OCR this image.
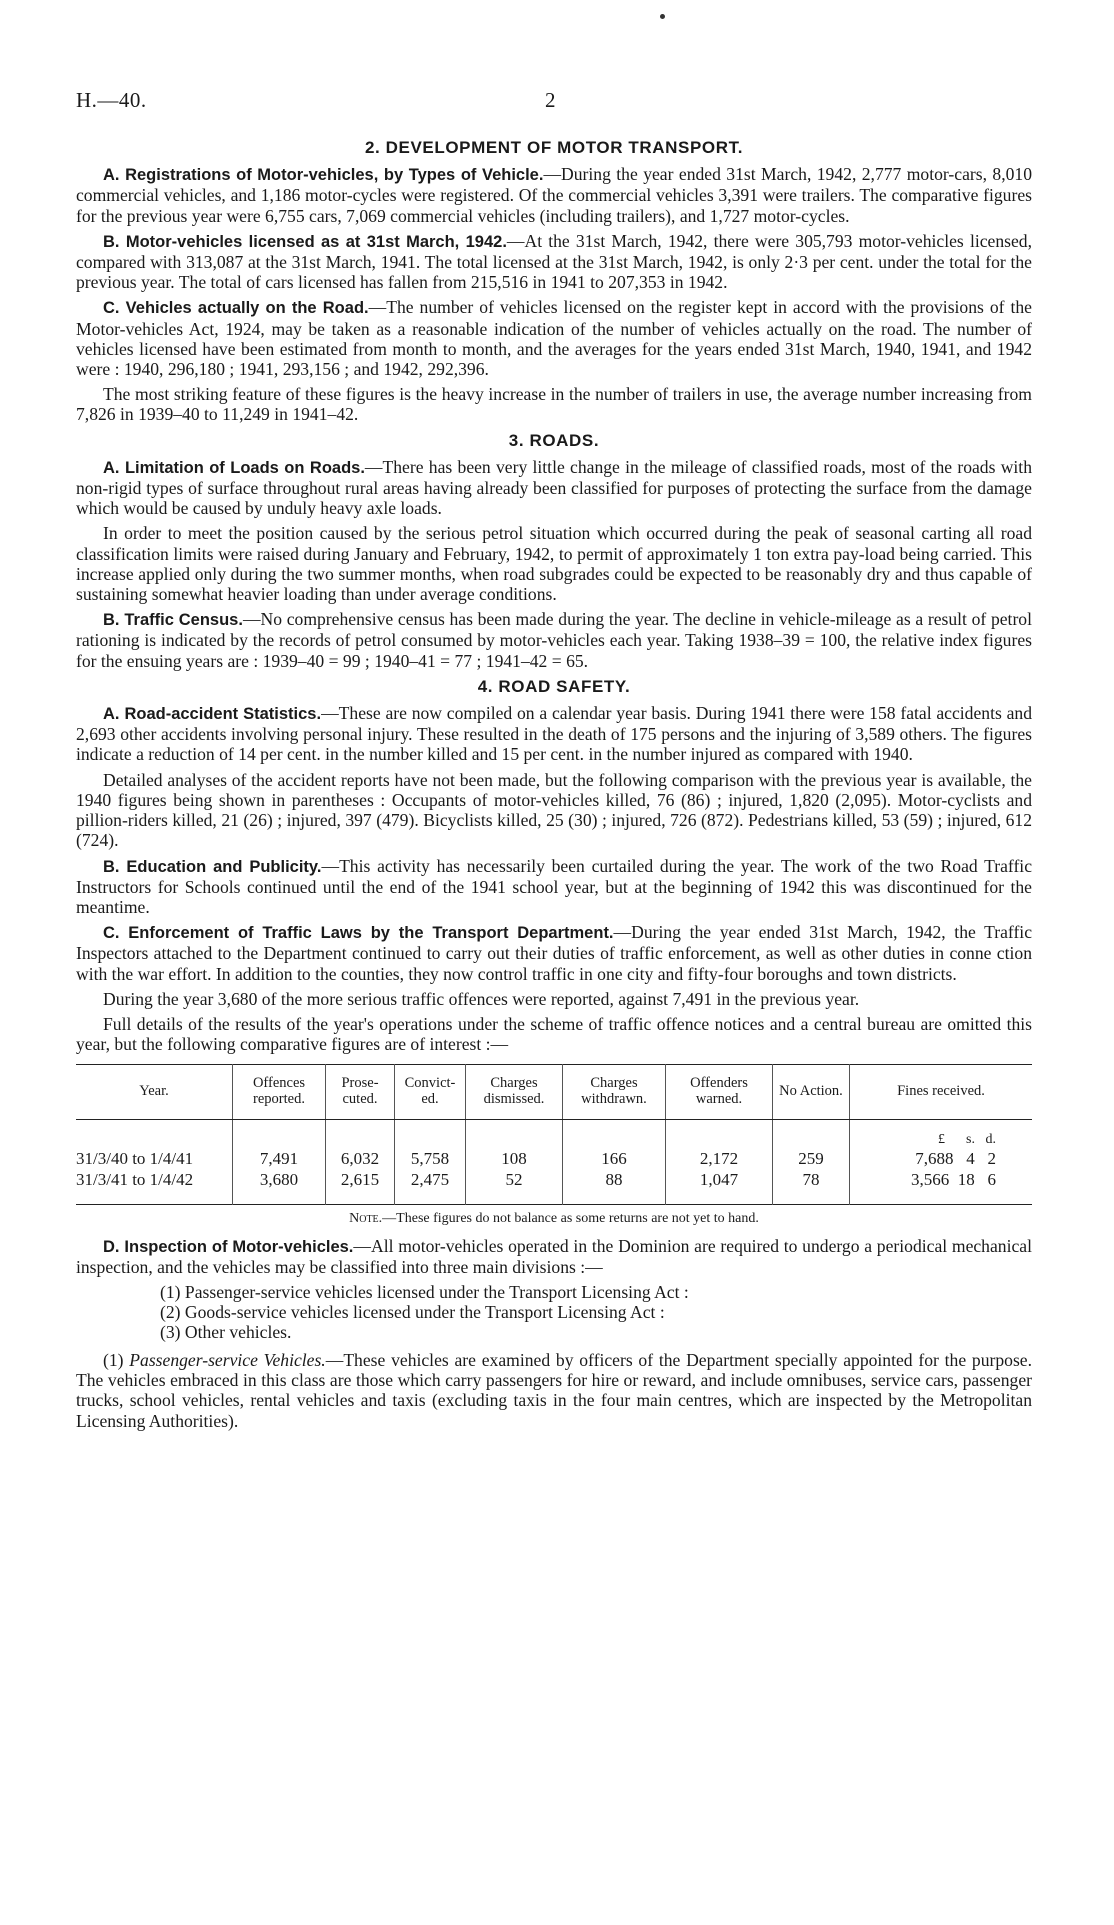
H.—40.	2
2. DEVELOPMENT OF MOTOR TRANSPORT.

A. Registrations of Motor-vehicles, by Types of Vehicle.—During the year ended 31st March, 1942, 2,777 motor-cars, 8,010 commercial vehicles, and 1,186 motor-cycles were registered. Of the commercial vehicles 3,391 were trailers. The comparative figures for the previous year were 6,755 cars, 7,069 commercial vehicles (including trailers), and 1,727 motor-cycles.

B. Motor-vehicles licensed as at 31st March, 1942.—At the 31st March, 1942, there were 305,793 motor-vehicles licensed, compared with 313,087 at the 31st March, 1941. The total licensed at the 31st March, 1942, is only 2·3 per cent. under the total for the previous year. The total of cars licensed has fallen from 215,516 in 1941 to 207,353 in 1942.

C. Vehicles actually on the Road.—The number of vehicles licensed on the register kept in accord with the provisions of the Motor-vehicles Act, 1924, may be taken as a reasonable indication of the number of vehicles actually on the road. The number of vehicles licensed have been estimated from month to month, and the averages for the years ended 31st March, 1940, 1941, and 1942 were : 1940, 296,180 ; 1941, 293,156 ; and 1942, 292,396.

The most striking feature of these figures is the heavy increase in the number of trailers in use, the average number increasing from 7,826 in 1939–40 to 11,249 in 1941–42.

3. ROADS.

A. Limitation of Loads on Roads.—There has been very little change in the mileage of classified roads, most of the roads with non-rigid types of surface throughout rural areas having already been classified for purposes of protecting the surface from the damage which would be caused by unduly heavy axle loads.

In order to meet the position caused by the serious petrol situation which occurred during the peak of seasonal carting all road classification limits were raised during January and February, 1942, to permit of approximately 1 ton extra pay-load being carried. This increase applied only during the two summer months, when road subgrades could be expected to be reasonably dry and thus capable of sustaining somewhat heavier loading than under average conditions.

B. Traffic Census.—No comprehensive census has been made during the year. The decline in vehicle-mileage as a result of petrol rationing is indicated by the records of petrol consumed by motor-vehicles each year. Taking 1938–39 = 100, the relative index figures for the ensuing years are : 1939–40 = 99 ; 1940–41 = 77 ; 1941–42 = 65.

4. ROAD SAFETY.

A. Road-accident Statistics.—These are now compiled on a calendar year basis. During 1941 there were 158 fatal accidents and 2,693 other accidents involving personal injury. These resulted in the death of 175 persons and the injuring of 3,589 others. The figures indicate a reduction of 14 per cent. in the number killed and 15 per cent. in the number injured as compared with 1940.

Detailed analyses of the accident reports have not been made, but the following comparison with the previous year is available, the 1940 figures being shown in parentheses : Occupants of motor-vehicles killed, 76 (86) ; injured, 1,820 (2,095). Motor-cyclists and pillion-riders killed, 21 (26) ; injured, 397 (479). Bicyclists killed, 25 (30) ; injured, 726 (872). Pedestrians killed, 53 (59) ; injured, 612 (724).

B. Education and Publicity.—This activity has necessarily been curtailed during the year. The work of the two Road Traffic Instructors for Schools continued until the end of the 1941 school year, but at the beginning of 1942 this was discontinued for the meantime.

C. Enforcement of Traffic Laws by the Transport Department.—During the year ended 31st March, 1942, the Traffic Inspectors attached to the Department continued to carry out their duties of traffic enforcement, as well as other duties in conne ction with the war effort. In addition to the counties, they now control traffic in one city and fifty-four boroughs and town districts.

During the year 3,680 of the more serious traffic offences were reported, against 7,491 in the previous year.

Full details of the results of the year's operations under the scheme of traffic offence notices and a central bureau are omitted this year, but the following comparative figures are of interest :—

Year.	Offences reported.	Prose-cuted.	Convict-ed.	Charges dismissed.	Charges withdrawn.	Offenders warned.	No Action.	Fines received.
								£      s.   d.
31/3/40 to 1/4/41	7,491	6,032	5,758	108	166	2,172	259	7,688   4   2
31/3/41 to 1/4/42	3,680	2,615	2,475	52	88	1,047	78	3,566  18   6
Note.—These figures do not balance as some returns are not yet to hand.

D. Inspection of Motor-vehicles.—All motor-vehicles operated in the Dominion are required to undergo a periodical mechanical inspection, and the vehicles may be classified into three main divisions :—

(1) Passenger-service vehicles licensed under the Transport Licensing Act :
(2) Goods-service vehicles licensed under the Transport Licensing Act :
(3) Other vehicles.

(1) Passenger-service Vehicles.—These vehicles are examined by officers of the Department specially appointed for the purpose. The vehicles embraced in this class are those which carry passengers for hire or reward, and include omnibuses, service cars, passenger trucks, school vehicles, rental vehicles and taxis (excluding taxis in the four main centres, which are inspected by the Metropolitan Licensing Authorities).
